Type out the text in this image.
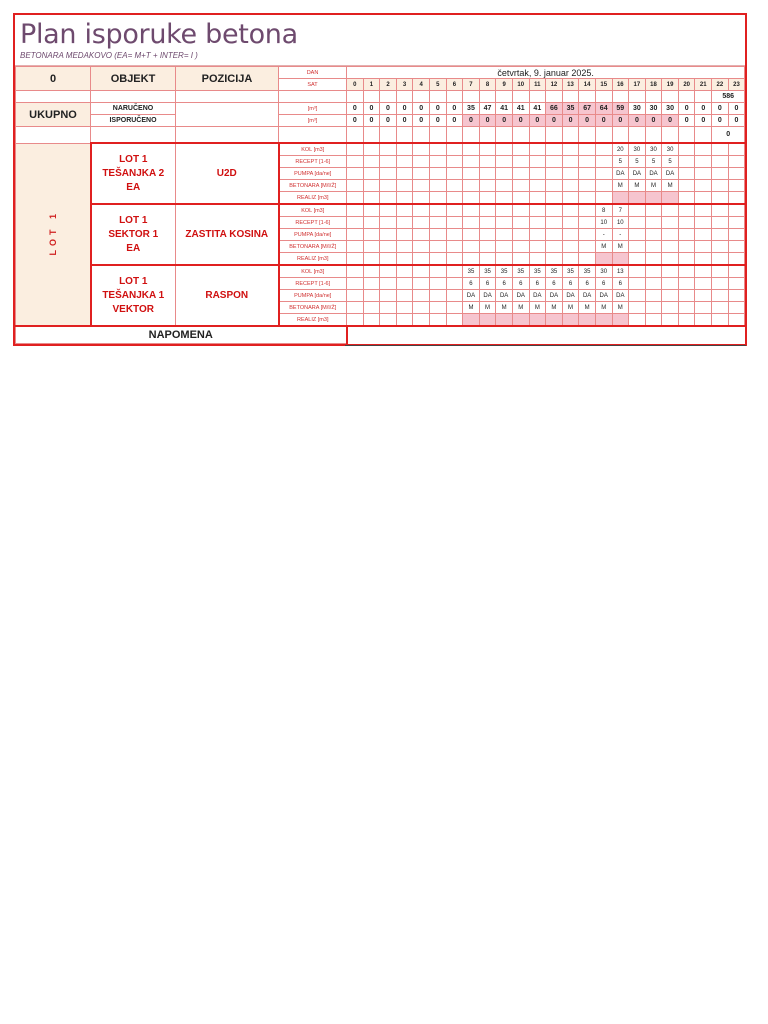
Plan isporuke betona
BETONARA MEDAKOVO (EA= M+T + INTER= I )
0	OBJEKT	POZICIJA	DAN	četvrtak, 9. januar 2025.																							
			SAT	0	1	2	3	4	5	6	7	8	9	10	11	12	13	14	15	16	17	18	19	20	21	22	23
																										586	
UKUPNO	NARUČENO		[m³]	0	0	0	0	0	0	0	35	47	41	41	41	66	35	67	64	59	30	30	30	0	0	0	0
	ISPORUČENO		[m³]	0	0	0	0	0	0	0	0	0	0	0	0	0	0	0	0	0	0	0	0	0	0	0	0
																										0	
LOT 1	LOT 1
TEŠANJKA 2
EA	U2D	KOL [m3]																	20	30	30	30				
			RECEPT [1-6]																	5	5	5	5				
			PUMPA [da/ne]																	DA	DA	DA	DA				
			BETONARA [M/I/Ž]																	M	M	M	M				
			REALIZ [m3]																								

	LOT 1
SEKTOR 1
EA	ZASTITA KOSINA	KOL [m3]																8	7							
			RECEPT [1-6]																10	10							
			PUMPA [da/ne]																-	-							
			BETONARA [M/I/Ž]																M	M							
			REALIZ [m3]																								

	LOT 1
TEŠANJKA 1
VEKTOR	RASPON	KOL [m3]								35	35	35	35	35	35	35	35	30	13							
			RECEPT [1-6]								6	6	6	6	6	6	6	6	6	6							
			PUMPA [da/ne]								DA	DA	DA	DA	DA	DA	DA	DA	DA	DA							
			BETONARA [M/I/Ž]								M	M	M	M	M	M	M	M	M	M							
			REALIZ [m3]																								
NAPOMENA																											
